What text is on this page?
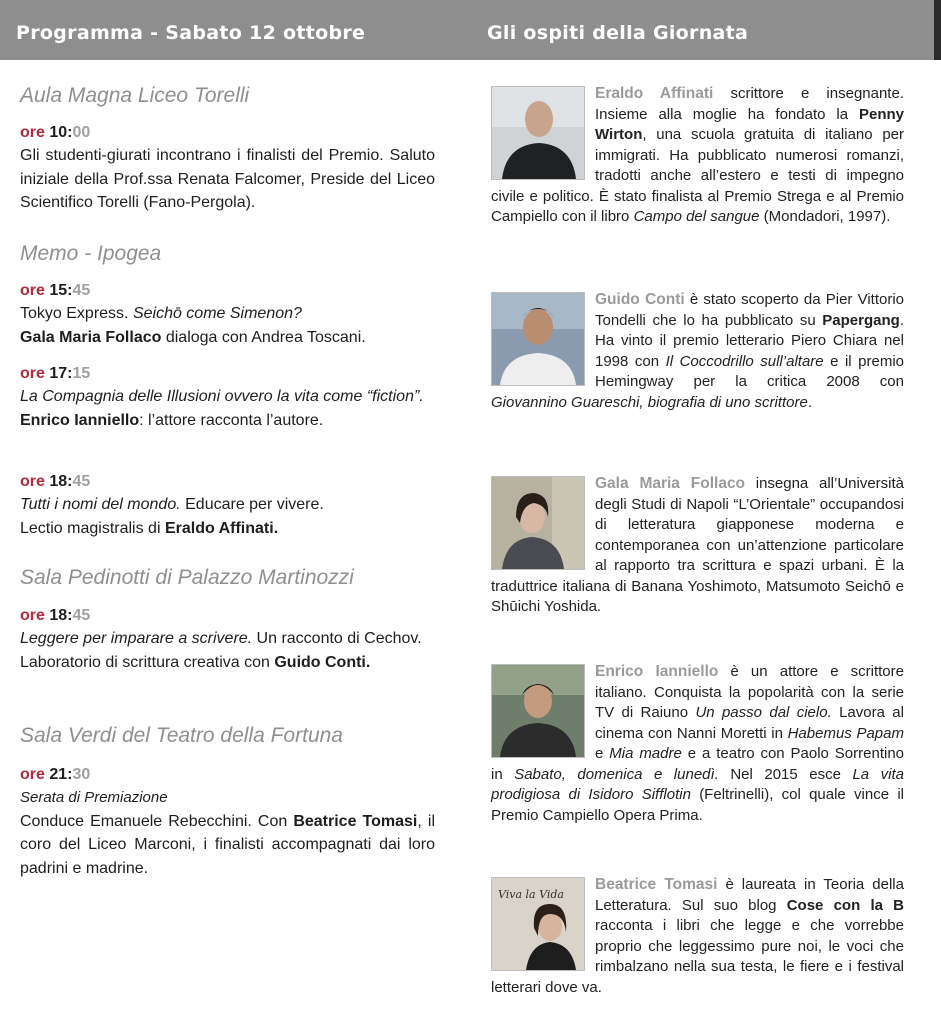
Programma - Sabato 12 ottobre	Gli ospiti della Giornata
Aula Magna Liceo Torelli
ore 10:00

Gli studenti-giurati incontrano i finalisti del Premio. Saluto iniziale della Prof.ssa Renata Falcomer, Preside del Liceo Scientifico Torelli (Fano-Pergola).

Memo - Ipogea
ore 15:45

Tokyo Express. Seichō come Simenon?

Gala Maria Follaco dialoga con Andrea Toscani.

ore 17:15

La Compagnia delle Illusioni ovvero la vita come “fiction”.

Enrico Ianniello: l’attore racconta l’autore.

ore 18:45

Tutti i nomi del mondo. Educare per vivere.

Lectio magistralis di Eraldo Affinati.

Sala Pedinotti di Palazzo Martinozzi
ore 18:45

Leggere per imparare a scrivere. Un racconto di Cechov.

Laboratorio di scrittura creativa con Guido Conti.

Sala Verdi del Teatro della Fortuna
ore 21:30

Serata di Premiazione

Conduce Emanuele Rebecchini. Con Beatrice Tomasi, il coro del Liceo Marconi, i finalisti accompagnati dai loro padrini e madrine.

Eraldo Affinati scrittore e insegnante. Insieme alla moglie ha fondato la Penny Wirton, una scuola gratuita di italiano per immigrati. Ha pubblicato numerosi romanzi, tradotti anche all’estero e testi di impegno civile e politico. È stato finalista al Premio Strega e al Premio Campiello con il libro Campo del sangue (Mondadori, 1997).

Guido Conti è stato scoperto da Pier Vittorio Tondelli che lo ha pubblicato su Papergang. Ha vinto il premio letterario Piero Chiara nel 1998 con Il Coccodrillo sull’altare e il premio Hemingway per la critica 2008 con Giovannino Guareschi, biografia di uno scrittore.

Gala Maria Follaco insegna all’Università degli Studi di Napoli “L’Orientale” occupandosi di letteratura giapponese moderna e contemporanea con un’attenzione particolare al rapporto tra scrittura e spazi urbani. È la traduttrice italiana di Banana Yoshimoto, Matsumoto Seichō e Shūichi Yoshida.

Enrico Ianniello è un attore e scrittore italiano. Conquista la popolarità con la serie TV di Raiuno Un passo dal cielo. Lavora al cinema con Nanni Moretti in Habemus Papam e Mia madre e a teatro con Paolo Sorrentino in Sabato, domenica e lunedì. Nel 2015 esce La vita prodigiosa di Isidoro Sifflotin (Feltrinelli), col quale vince il Premio Campiello Opera Prima.

Viva la Vida

Beatrice Tomasi è laureata in Teoria della Letteratura. Sul suo blog Cose con la B racconta i libri che legge e che vorrebbe proprio che leggessimo pure noi, le voci che rimbalzano nella sua testa, le fiere e i festival letterari dove va.
